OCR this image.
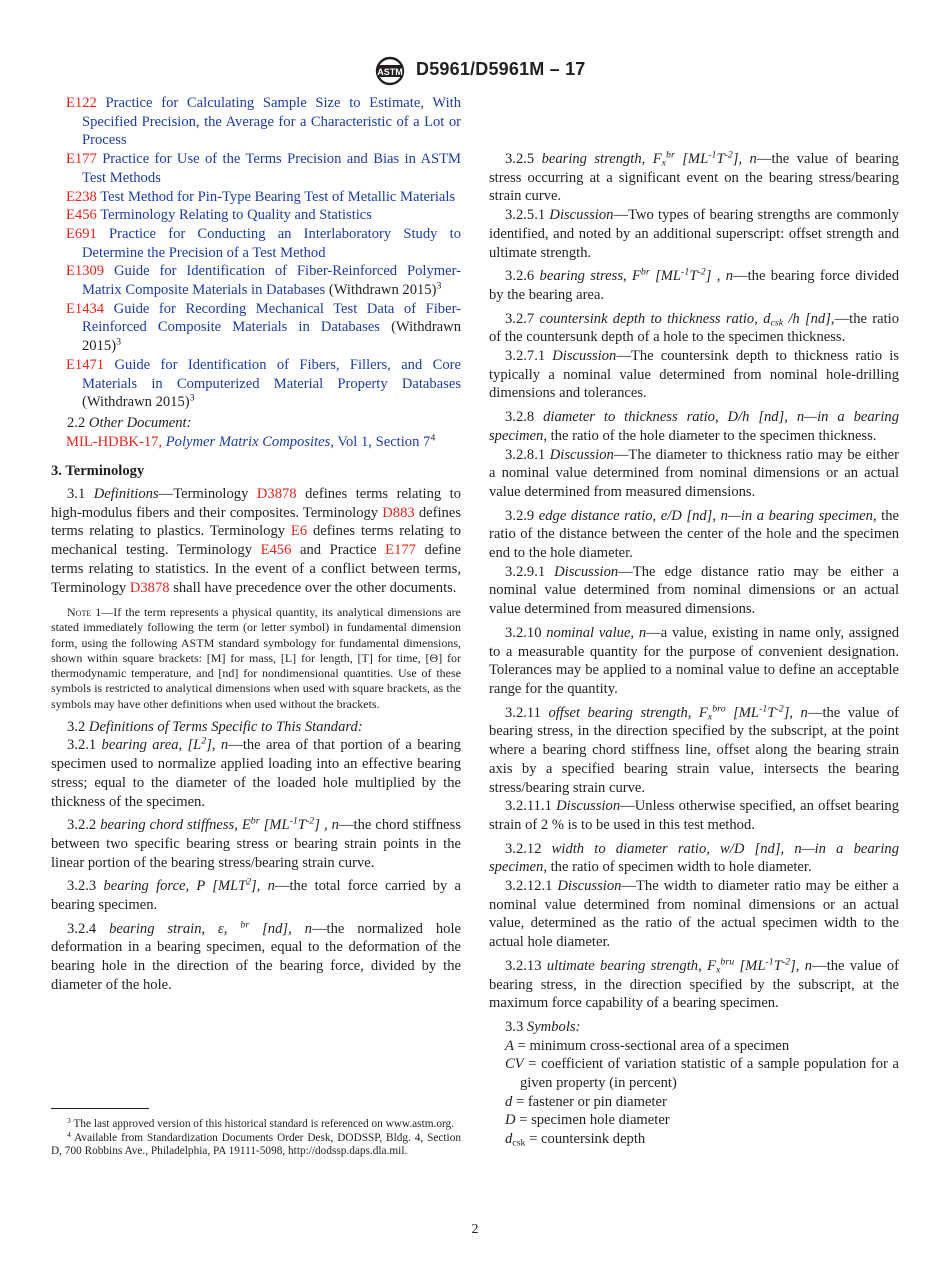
ASTM D5961/D5961M – 17

E122 Practice for Calculating Sample Size to Estimate, With Specified Precision, the Average for a Characteristic of a Lot or Process

E177 Practice for Use of the Terms Precision and Bias in ASTM Test Methods

E238 Test Method for Pin-Type Bearing Test of Metallic Materials

E456 Terminology Relating to Quality and Statistics

E691 Practice for Conducting an Interlaboratory Study to Determine the Precision of a Test Method

E1309 Guide for Identification of Fiber-Reinforced Polymer-Matrix Composite Materials in Databases (Withdrawn 2015)$^3$

E1434 Guide for Recording Mechanical Test Data of Fiber-Reinforced Composite Materials in Databases (Withdrawn 2015)$^3$

E1471 Guide for Identification of Fibers, Fillers, and Core Materials in Computerized Material Property Databases (Withdrawn 2015)$^3$

2.2 Other Document:

MIL-HDBK-17, Polymer Matrix Composites, Vol 1, Section $7^4$

3. Terminology

3.1 Definitions—Terminology D3878 defines terms relating to high-modulus fibers and their composites. Terminology D883 defines terms relating to plastics. Terminology E6 defines terms relating to mechanical testing. Terminology E456 and Practice E177 define terms relating to statistics. In the event of a conflict between terms, Terminology D3878 shall have precedence over the other documents.

Note 1—If the term represents a physical quantity, its analytical dimensions are stated immediately following the term (or letter symbol) in fundamental dimension form, using the following ASTM standard symbology for fundamental dimensions, shown within square brackets: [M] for mass, [L] for length, [T] for time, [Θ] for thermodynamic temperature, and [nd] for nondimensional quantities. Use of these symbols is restricted to analytical dimensions when used with square brackets, as the symbols may have other definitions when used without the brackets.

3.2 Definitions of Terms Specific to This Standard:

3.2.1 bearing area, $[L^2]$, n—the area of that portion of a bearing specimen used to normalize applied loading into an effective bearing stress; equal to the diameter of the loaded hole multiplied by the thickness of the specimen.

3.2.2 bearing chord stiffness, $E^{br}$ $[ML^{-1}T^{-2}]$ , n—the chord stiffness between two specific bearing stress or bearing strain points in the linear portion of the bearing stress/bearing strain curve.

3.2.3 bearing force, P [MLT$^2$], n—the total force carried by a bearing specimen.

3.2.4 bearing strain, ε, $^{br}$ [nd], n—the normalized hole deformation in a bearing specimen, equal to the deformation of the bearing hole in the direction of the bearing force, divided by the diameter of the hole.

$^3$ The last approved version of this historical standard is referenced on www.astm.org.

$^4$ Available from Standardization Documents Order Desk, DODSSP, Bldg. 4, Section D, 700 Robbins Ave., Philadelphia, PA 19111-5098, http://dodssp.daps.dla.mil.

3.2.5 bearing strength, $F_x^{br}$ $[ML^{-1}T^{-2}]$, n—the value of bearing stress occurring at a significant event on the bearing stress/bearing strain curve.

3.2.5.1 Discussion—Two types of bearing strengths are commonly identified, and noted by an additional superscript: offset strength and ultimate strength.

3.2.6 bearing stress, $F^{br}$ $[ML^{-1}T^{-2}]$ , n—the bearing force divided by the bearing area.

3.2.7 countersink depth to thickness ratio, $d_{csk}$ /h [nd],—the ratio of the countersunk depth of a hole to the specimen thickness.

3.2.7.1 Discussion—The countersink depth to thickness ratio is typically a nominal value determined from nominal hole-drilling dimensions and tolerances.

3.2.8 diameter to thickness ratio, D/h [nd], n—in a bearing specimen, the ratio of the hole diameter to the specimen thickness.

3.2.8.1 Discussion—The diameter to thickness ratio may be either a nominal value determined from nominal dimensions or an actual value determined from measured dimensions.

3.2.9 edge distance ratio, e/D [nd], n—in a bearing specimen, the ratio of the distance between the center of the hole and the specimen end to the hole diameter.

3.2.9.1 Discussion—The edge distance ratio may be either a nominal value determined from nominal dimensions or an actual value determined from measured dimensions.

3.2.10 nominal value, n—a value, existing in name only, assigned to a measurable quantity for the purpose of convenient designation. Tolerances may be applied to a nominal value to define an acceptable range for the quantity.

3.2.11 offset bearing strength, $F_x^{bro}$ $[ML^{-1}T^{-2}]$, n—the value of bearing stress, in the direction specified by the subscript, at the point where a bearing chord stiffness line, offset along the bearing strain axis by a specified bearing strain value, intersects the bearing stress/bearing strain curve.

3.2.11.1 Discussion—Unless otherwise specified, an offset bearing strain of 2 % is to be used in this test method.

3.2.12 width to diameter ratio, w/D [nd], n—in a bearing specimen, the ratio of specimen width to hole diameter.

3.2.12.1 Discussion—The width to diameter ratio may be either a nominal value determined from nominal dimensions or an actual value, determined as the ratio of the actual specimen width to the actual hole diameter.

3.2.13 ultimate bearing strength, $F_x^{bru}$ $[ML^{-1}T^{-2}]$, n—the value of bearing stress, in the direction specified by the subscript, at the maximum force capability of a bearing specimen.

3.3 Symbols:

A = minimum cross-sectional area of a specimen

CV = coefficient of variation statistic of a sample population for a given property (in percent)

d = fastener or pin diameter

D = specimen hole diameter

$d_{csk}$ = countersink depth

2
